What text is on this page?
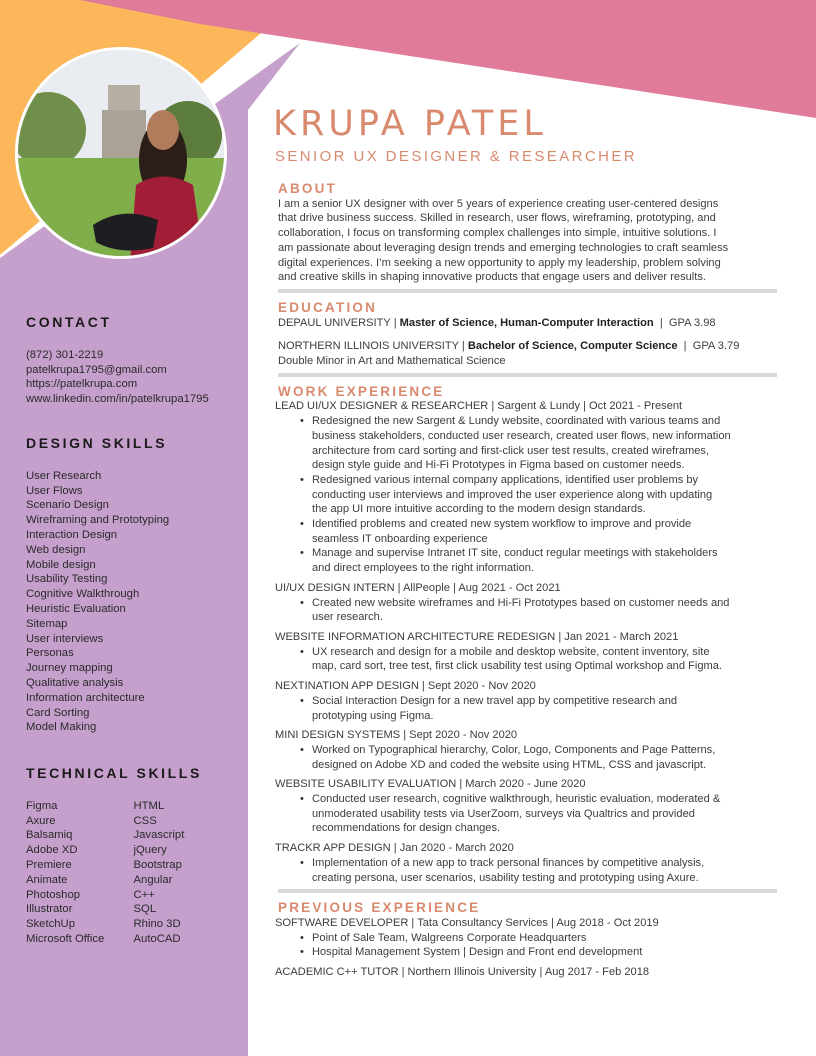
KRUPA PATEL
SENIOR UX DESIGNER & RESEARCHER
CONTACT
(872) 301-2219
patelkrupa1795@gmail.com
https://patelkrupa.com
www.linkedin.com/in/patelkrupa1795
DESIGN SKILLS
User Research
User Flows
Scenario Design
Wireframing and Prototyping
Interaction Design
Web design
Mobile design
Usability Testing
Cognitive Walkthrough
Heuristic Evaluation
Sitemap
User interviews
Personas
Journey mapping
Qualitative analysis
Information architecture
Card Sorting
Model Making
TECHNICAL SKILLS
Figma
Axure
Balsamiq
Adobe XD
Premiere
Animate
Photoshop
Illustrator
SketchUp
Microsoft Office
HTML
CSS
Javascript
jQuery
Bootstrap
Angular
C++
SQL
Rhino 3D
AutoCAD
ABOUT
I am a senior UX designer with over 5 years of experience creating user-centered designs
that drive business success. Skilled in research, user flows, wireframing, prototyping, and
collaboration, I focus on transforming complex challenges into simple, intuitive solutions. I
am passionate about leveraging design trends and emerging technologies to craft seamless
digital experiences. I’m seeking a new opportunity to apply my leadership, problem solving
and creative skills in shaping innovative products that engage users and deliver results.
EDUCATION
DEPAUL UNIVERSITY | Master of Science, Human-Computer Interaction  |  GPA 3.98
NORTHERN ILLINOIS UNIVERSITY | Bachelor of Science, Computer Science  |  GPA 3.79
Double Minor in Art and Mathematical Science
WORK EXPERIENCE
LEAD UI/UX DESIGNER & RESEARCHER | Sargent & Lundy | Oct 2021 - Present
• Redesigned the new Sargent & Lundy website, coordinated with various teams and
business stakeholders, conducted user research, created user flows, new information
architecture from card sorting and first-click user test results, created wireframes,
design style guide and Hi-Fi Prototypes in Figma based on customer needs.
• Redesigned various internal company applications, identified user problems by
conducting user interviews and improved the user experience along with updating
the app UI more intuitive according to the modern design standards.
• Identified problems and created new system workflow to improve and provide
seamless IT onboarding experience
• Manage and supervise Intranet IT site, conduct regular meetings with stakeholders
and direct employees to the right information.
UI/UX DESIGN INTERN | AllPeople | Aug 2021 - Oct 2021
• Created new website wireframes and Hi-Fi Prototypes based on customer needs and
user research.
WEBSITE INFORMATION ARCHITECTURE REDESIGN | Jan 2021 - March 2021
• UX research and design for a mobile and desktop website, content inventory, site
map, card sort, tree test, first click usability test using Optimal workshop and Figma.
NEXTINATION APP DESIGN | Sept 2020 - Nov 2020
• Social Interaction Design for a new travel app by competitive research and
prototyping using Figma.
MINI DESIGN SYSTEMS | Sept 2020 - Nov 2020
• Worked on Typographical hierarchy, Color, Logo, Components and Page Patterns,
designed on Adobe XD and coded the website using HTML, CSS and javascript.
WEBSITE USABILITY EVALUATION | March 2020 - June 2020
• Conducted user research, cognitive walkthrough, heuristic evaluation, moderated &
unmoderated usability tests via UserZoom, surveys via Qualtrics and provided
recommendations for design changes.
TRACKR APP DESIGN | Jan 2020 - March 2020
• Implementation of a new app to track personal finances by competitive analysis,
creating persona, user scenarios, usability testing and prototyping using Axure.
PREVIOUS EXPERIENCE
SOFTWARE DEVELOPER | Tata Consultancy Services | Aug 2018 - Oct 2019
• Point of Sale Team, Walgreens Corporate Headquarters
• Hospital Management System | Design and Front end development
ACADEMIC C++ TUTOR | Northern Illinois University | Aug 2017 - Feb 2018
